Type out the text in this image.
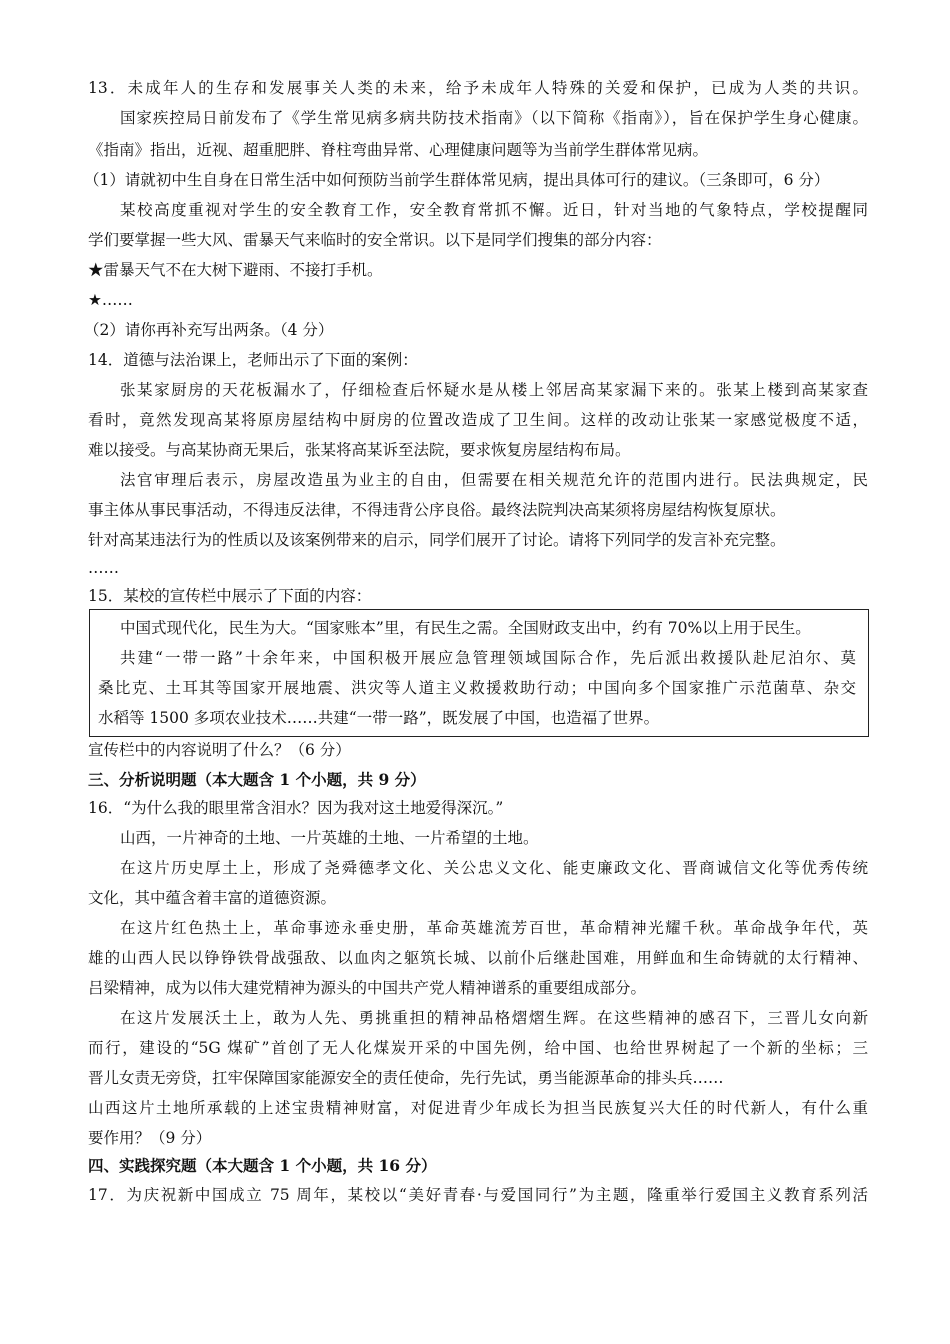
13．未成年人的生存和发展事关人类的未来，给予未成年人特殊的关爱和保护，已成为人类的共识。
国家疾控局日前发布了《学生常见病多病共防技术指南》（以下简称《指南》），旨在保护学生身心健康。
《指南》指出，近视、超重肥胖、脊柱弯曲异常、心理健康问题等为当前学生群体常见病。
（1）请就初中生自身在日常生活中如何预防当前学生群体常见病，提出具体可行的建议。（三条即可，6 分）
某校高度重视对学生的安全教育工作，安全教育常抓不懈。近日，针对当地的气象特点，学校提醒同
学们要掌握一些大风、雷暴天气来临时的安全常识。以下是同学们搜集的部分内容：
★雷暴天气不在大树下避雨、不接打手机。
★……
（2）请你再补充写出两条。（4 分）
14．道德与法治课上，老师出示了下面的案例：
张某家厨房的天花板漏水了，仔细检查后怀疑水是从楼上邻居高某家漏下来的。张某上楼到高某家查
看时，竟然发现高某将原房屋结构中厨房的位置改造成了卫生间。这样的改动让张某一家感觉极度不适，
难以接受。与高某协商无果后，张某将高某诉至法院，要求恢复房屋结构布局。
法官审理后表示，房屋改造虽为业主的自由，但需要在相关规范允许的范围内进行。民法典规定，民
事主体从事民事活动，不得违反法律，不得违背公序良俗。最终法院判决高某须将房屋结构恢复原状。
针对高某违法行为的性质以及该案例带来的启示，同学们展开了讨论。请将下列同学的发言补充完整。
……
15．某校的宣传栏中展示了下面的内容：
中国式现代化，民生为大。“国家账本”里，有民生之需。全国财政支出中，约有 70%以上用于民生。
共建“一带一路”十余年来，中国积极开展应急管理领域国际合作，先后派出救援队赴尼泊尔、莫
桑比克、土耳其等国家开展地震、洪灾等人道主义救援救助行动；中国向多个国家推广示范菌草、杂交
水稻等 1500 多项农业技术……共建“一带一路”，既发展了中国，也造福了世界。
宣传栏中的内容说明了什么？（6 分）
三、分析说明题（本大题含 1 个小题，共 9 分）
16．“为什么我的眼里常含泪水？因为我对这土地爱得深沉。”
山西，一片神奇的土地、一片英雄的土地、一片希望的土地。
在这片历史厚土上，形成了尧舜德孝文化、关公忠义文化、能吏廉政文化、晋商诚信文化等优秀传统
文化，其中蕴含着丰富的道德资源。
在这片红色热土上，革命事迹永垂史册，革命英雄流芳百世，革命精神光耀千秋。革命战争年代，英
雄的山西人民以铮铮铁骨战强敌、以血肉之躯筑长城、以前仆后继赴国难，用鲜血和生命铸就的太行精神、
吕梁精神，成为以伟大建党精神为源头的中国共产党人精神谱系的重要组成部分。
在这片发展沃土上，敢为人先、勇挑重担的精神品格熠熠生辉。在这些精神的感召下，三晋儿女向新
而行，建设的“5G 煤矿”首创了无人化煤炭开采的中国先例，给中国、也给世界树起了一个新的坐标；三
晋儿女责无旁贷，扛牢保障国家能源安全的责任使命，先行先试，勇当能源革命的排头兵……
山西这片土地所承载的上述宝贵精神财富，对促进青少年成长为担当民族复兴大任的时代新人，有什么重
要作用？（9 分）
四、实践探究题（本大题含 1 个小题，共 16 分）
17．为庆祝新中国成立 75 周年，某校以“美好青春·与爱国同行”为主题，隆重举行爱国主义教育系列活
